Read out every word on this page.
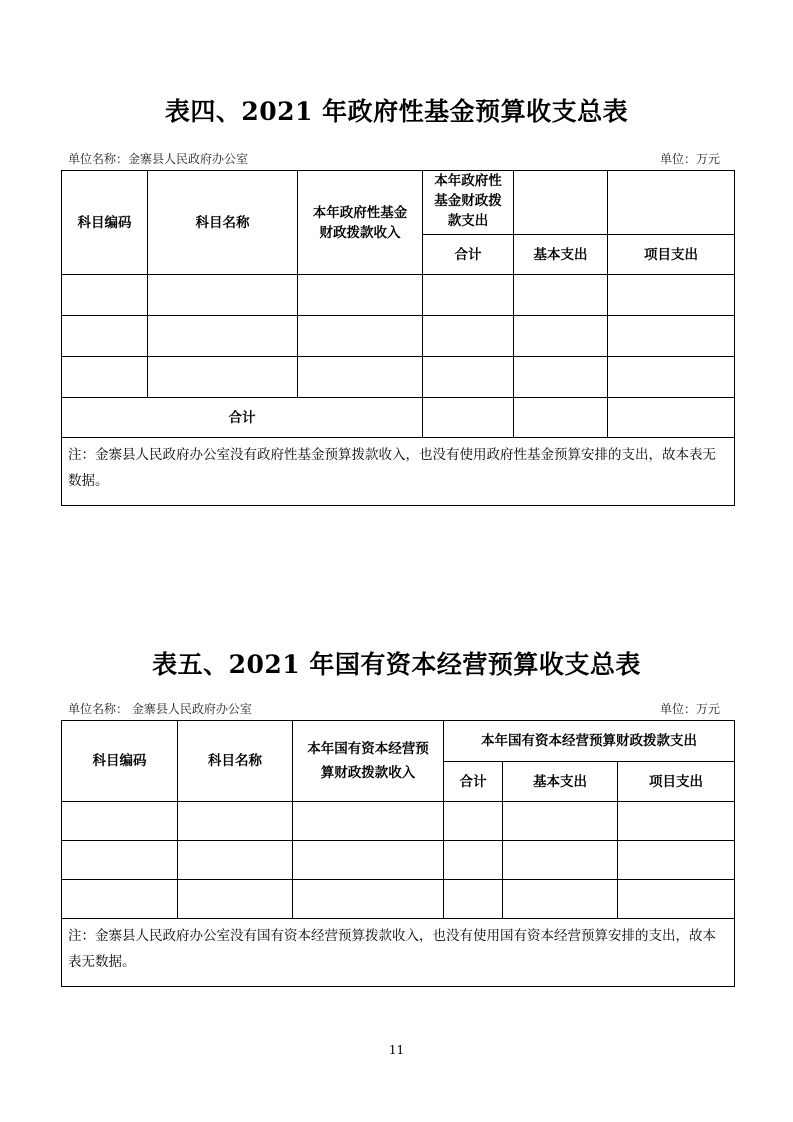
表四、2021 年政府性基金预算收支总表
单位名称：金寨县人民政府办公室	单位：万元
科目编码	科目名称	本年政府性基金财政拨款收入	本年政府性基金财政拨款支出		
			合计	基本支出	项目支出

合计					
注：金寨县人民政府办公室没有政府性基金预算拨款收入，也没有使用政府性基金预算安排的支出，故本表无数据。					
表五、2021 年国有资本经营预算收支总表
单位名称： 金寨县人民政府办公室	单位：万元
科目编码	科目名称	本年国有资本经营预算财政拨款收入	本年国有资本经营预算财政拨款支出		
			合计	基本支出	项目支出

注：金寨县人民政府办公室没有国有资本经营预算拨款收入，也没有使用国有资本经营预算安排的支出，故本表无数据。					
11
